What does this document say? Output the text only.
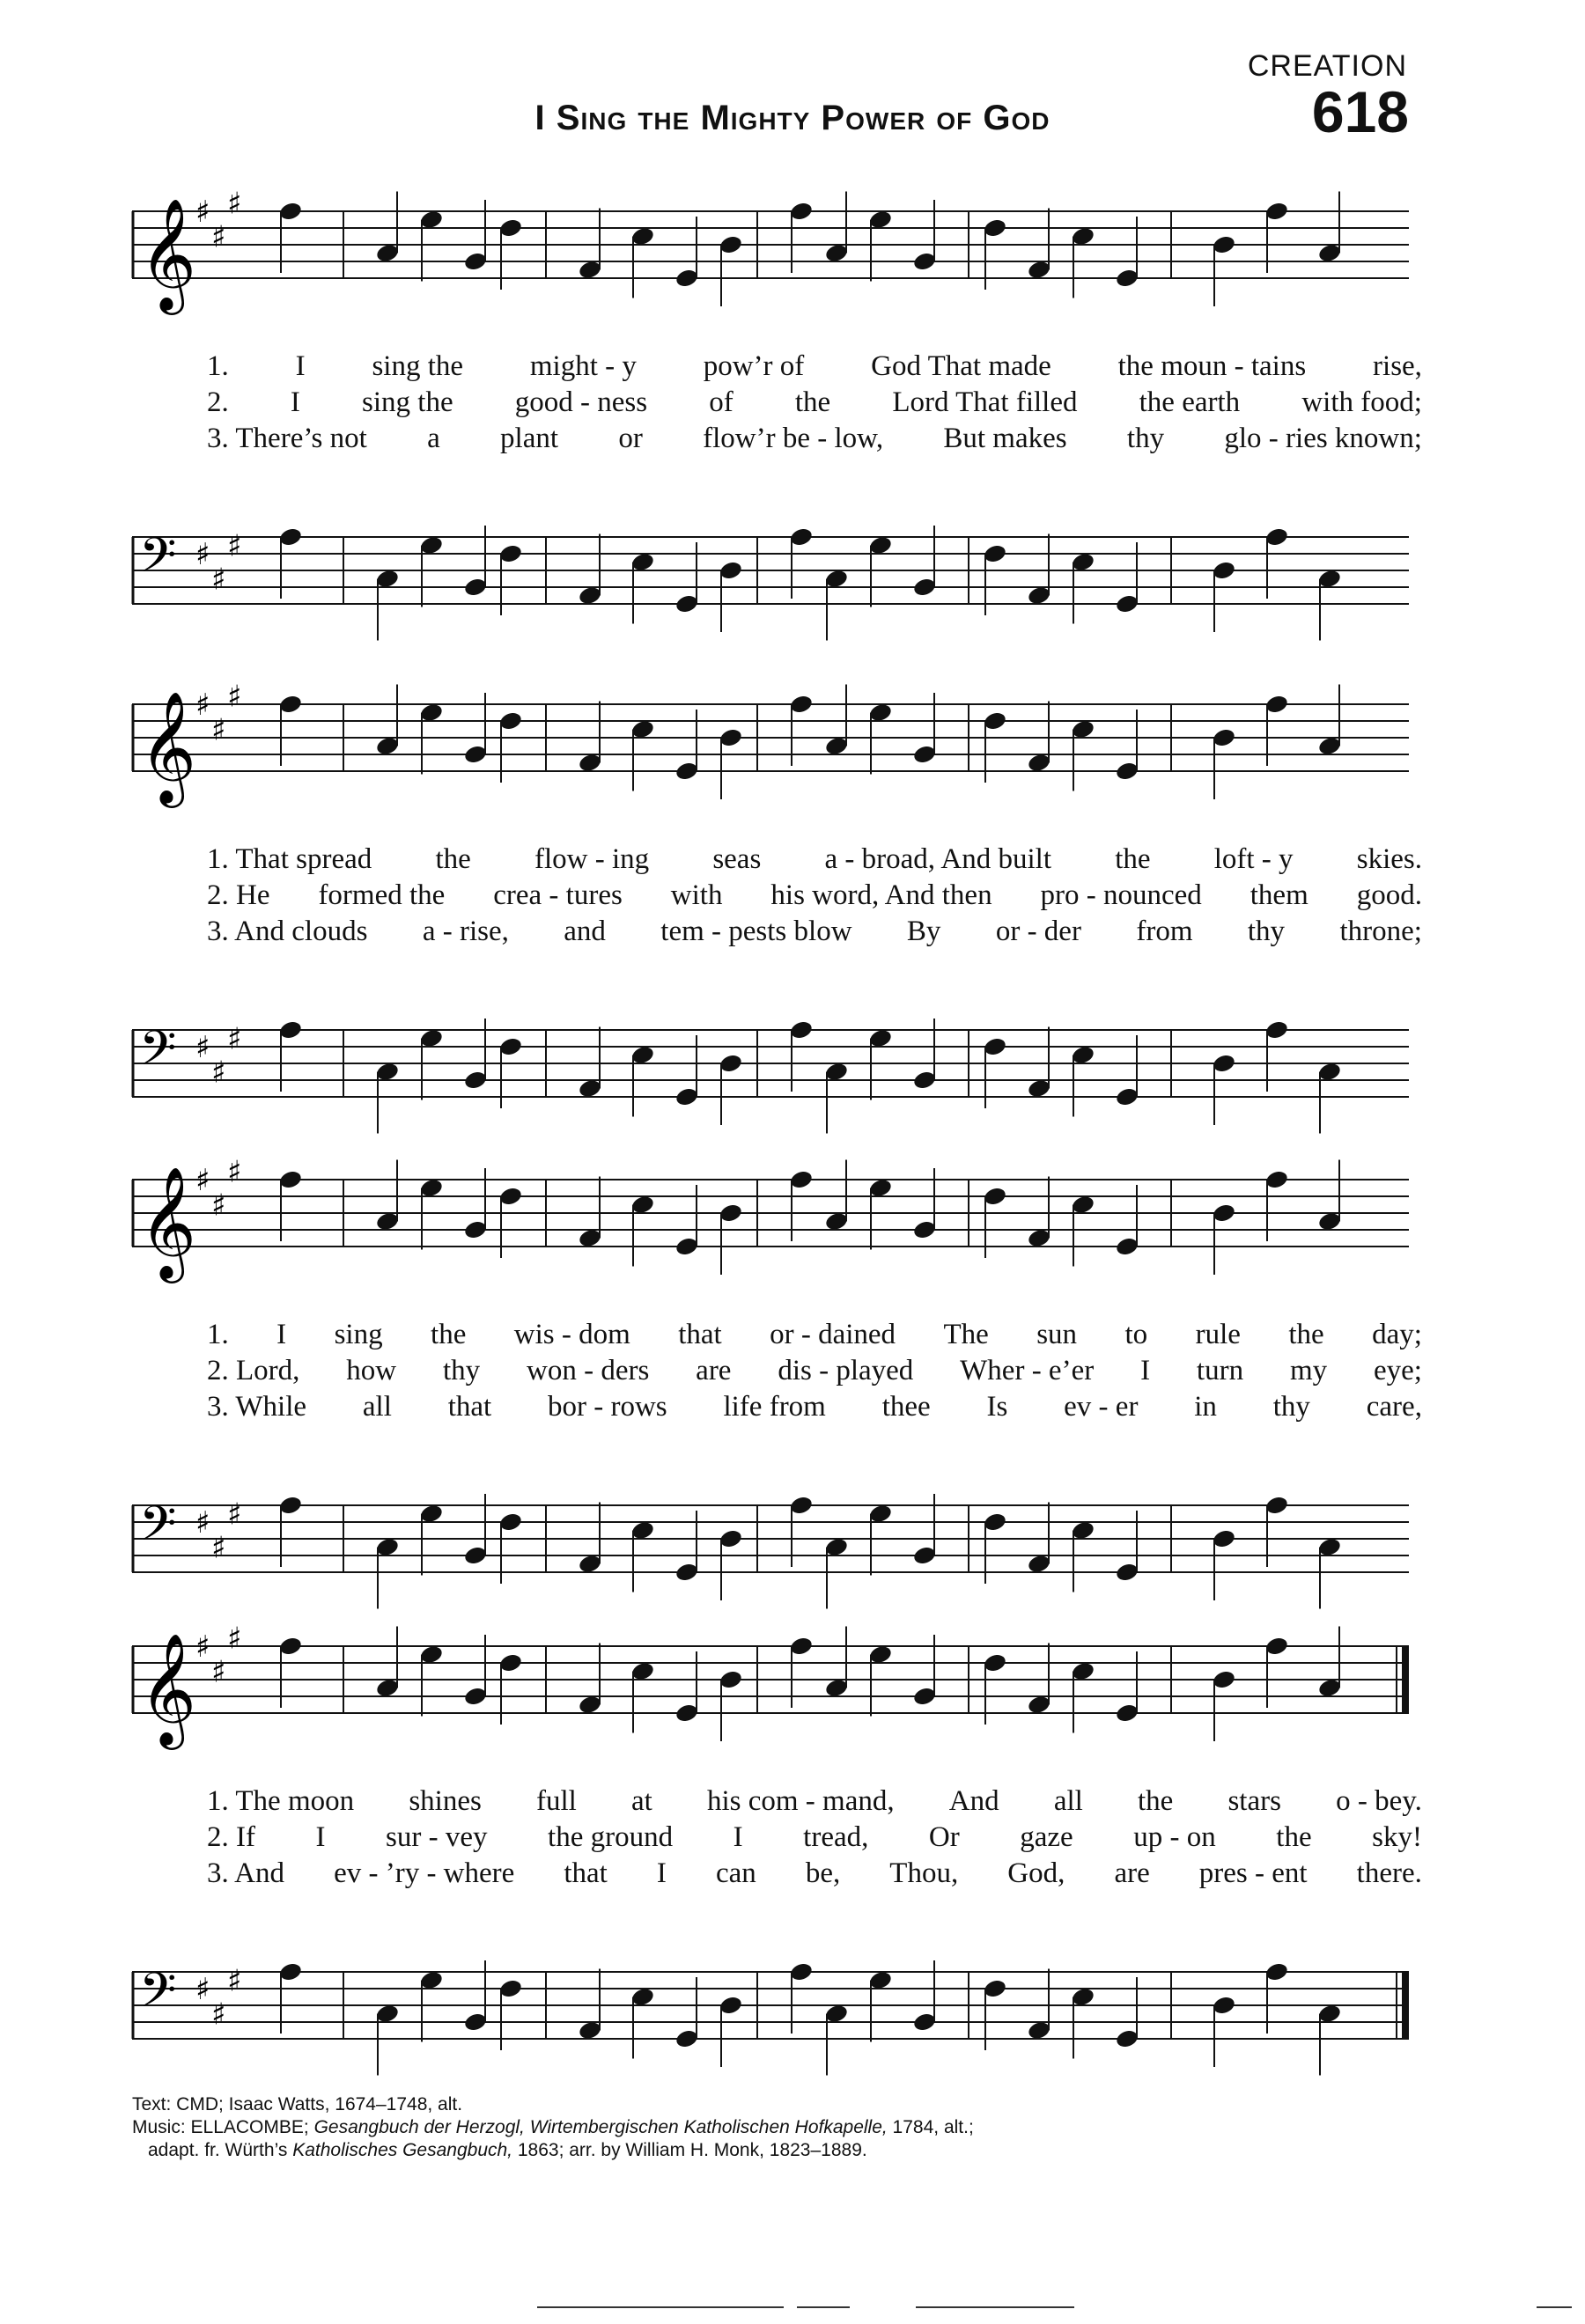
CREATION
618
I Sing the Mighty Power of God
𝄞
♯
♯
♯
1. I sing the might - y pow’r of God That made the moun - tains rise,
2. I sing the good - ness of the Lord That filled the earth with food;
3. There’s not a plant or flow’r be - low, But makes thy glo - ries known;
𝄢 ♯
♯
♯
𝄞
♯
♯
♯
1. That spread the flow - ing seas a - broad, And built the loft - y skies.
2. He formed the crea - tures with his word, And then pro - nounced them good.
3. And clouds a - rise, and tem - pests blow By or - der from thy throne;
𝄢 ♯
♯
♯
𝄞
♯
♯
♯
1. I sing the wis - dom that or - dained The sun to rule the day;
2. Lord, how thy won - ders are dis - played Wher - e’er I turn my eye;
3. While all that bor - rows life from thee Is ev - er in thy care,
𝄢 ♯
♯
♯
𝄞
♯
♯
♯
1. The moon shines full at his com - mand, And all the stars o - bey.
2. If I sur - vey the ground I tread, Or gaze up - on the sky!
3. And ev - ’ry - where that I can be, Thou, God, are pres - ent there.
𝄢 ♯
♯
♯
Text: CMD; Isaac Watts, 1674–1748, alt.
Music: ELLACOMBE; Gesangbuch der Herzogl, Wirtembergischen Katholischen Hofkapelle, 1784, alt.;
adapt. fr. Würth’s Katholisches Gesangbuch, 1863; arr. by William H. Monk, 1823–1889.
